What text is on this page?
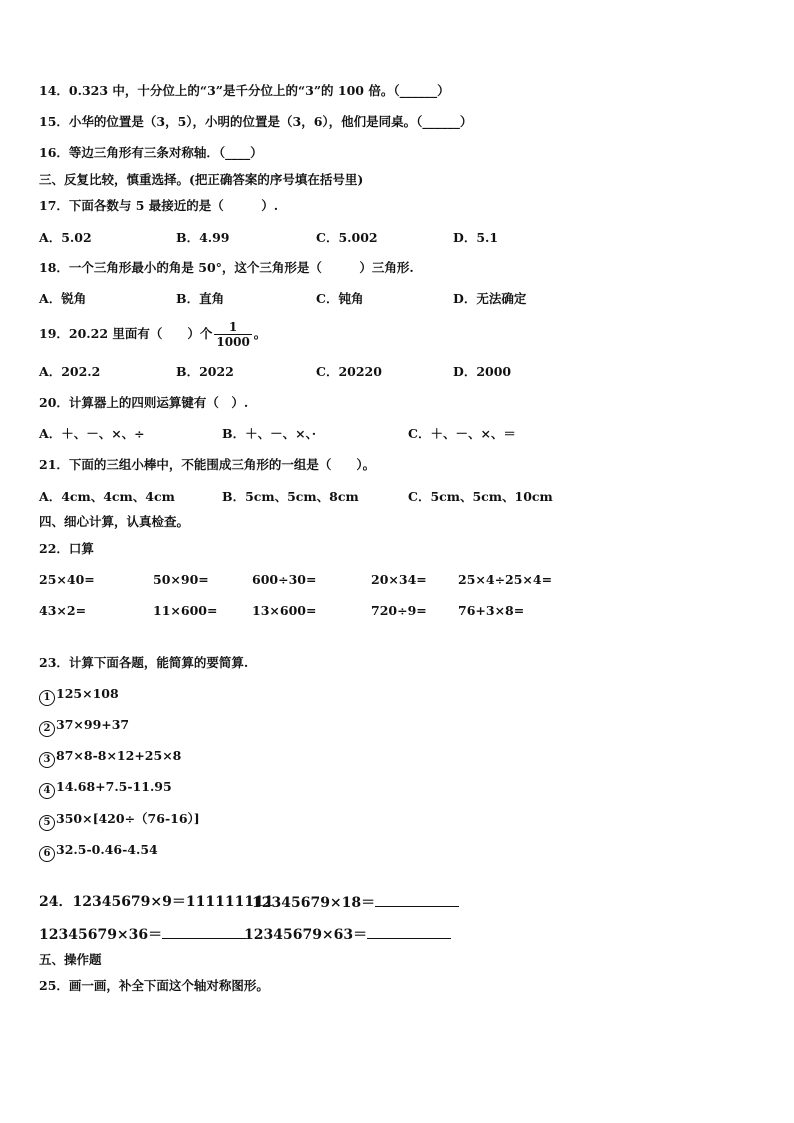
14．0.323 中，十分位上的“3”是千分位上的“3”的 100 倍。（______）
15．小华的位置是（3，5），小明的位置是（3，6），他们是同桌。（______）
16．等边三角形有三条对称轴．（____）
三、反复比较，慎重选择。(把正确答案的序号填在括号里)
17．下面各数与 5 最接近的是（　　　）.
A．5.02	B．4.99	C．5.002	D．5.1
18．一个三角形最小的角是 50°，这个三角形是（　　　）三角形.
A．锐角	B．直角	C．钝角	D．无法确定
19．20.22 里面有（　　）个 $\frac{1}{1000}$ 。
A．202.2	B．2022	C．20220	D．2000
20．计算器上的四则运算键有（　）.
A．＋、－、×、÷	B．＋、－、×、·	C．＋、－、×、＝
21．下面的三组小棒中，不能围成三角形的一组是（　　）。
A．4cm、4cm、4cm	B．5cm、5cm、8cm	C．5cm、5cm、10cm
四、细心计算，认真检查。
22．口算
25×40=	50×90=	600÷30=	20×34=	25×4÷25×4=
43×2=	11×600=	13×600=	720÷9=	76+3×8=
23．计算下面各题，能简算的要简算.
1 125×108
2 37×99+37
3 87×8-8×12+25×8
4 14.68+7.5-11.95
5 350×[420÷（76-16）]
6 32.5-0.46-4.54
24．12345679×9＝111111111
12345679×18＝
12345679×36＝	12345679×63＝
五、操作题
25．画一画，补全下面这个轴对称图形。
